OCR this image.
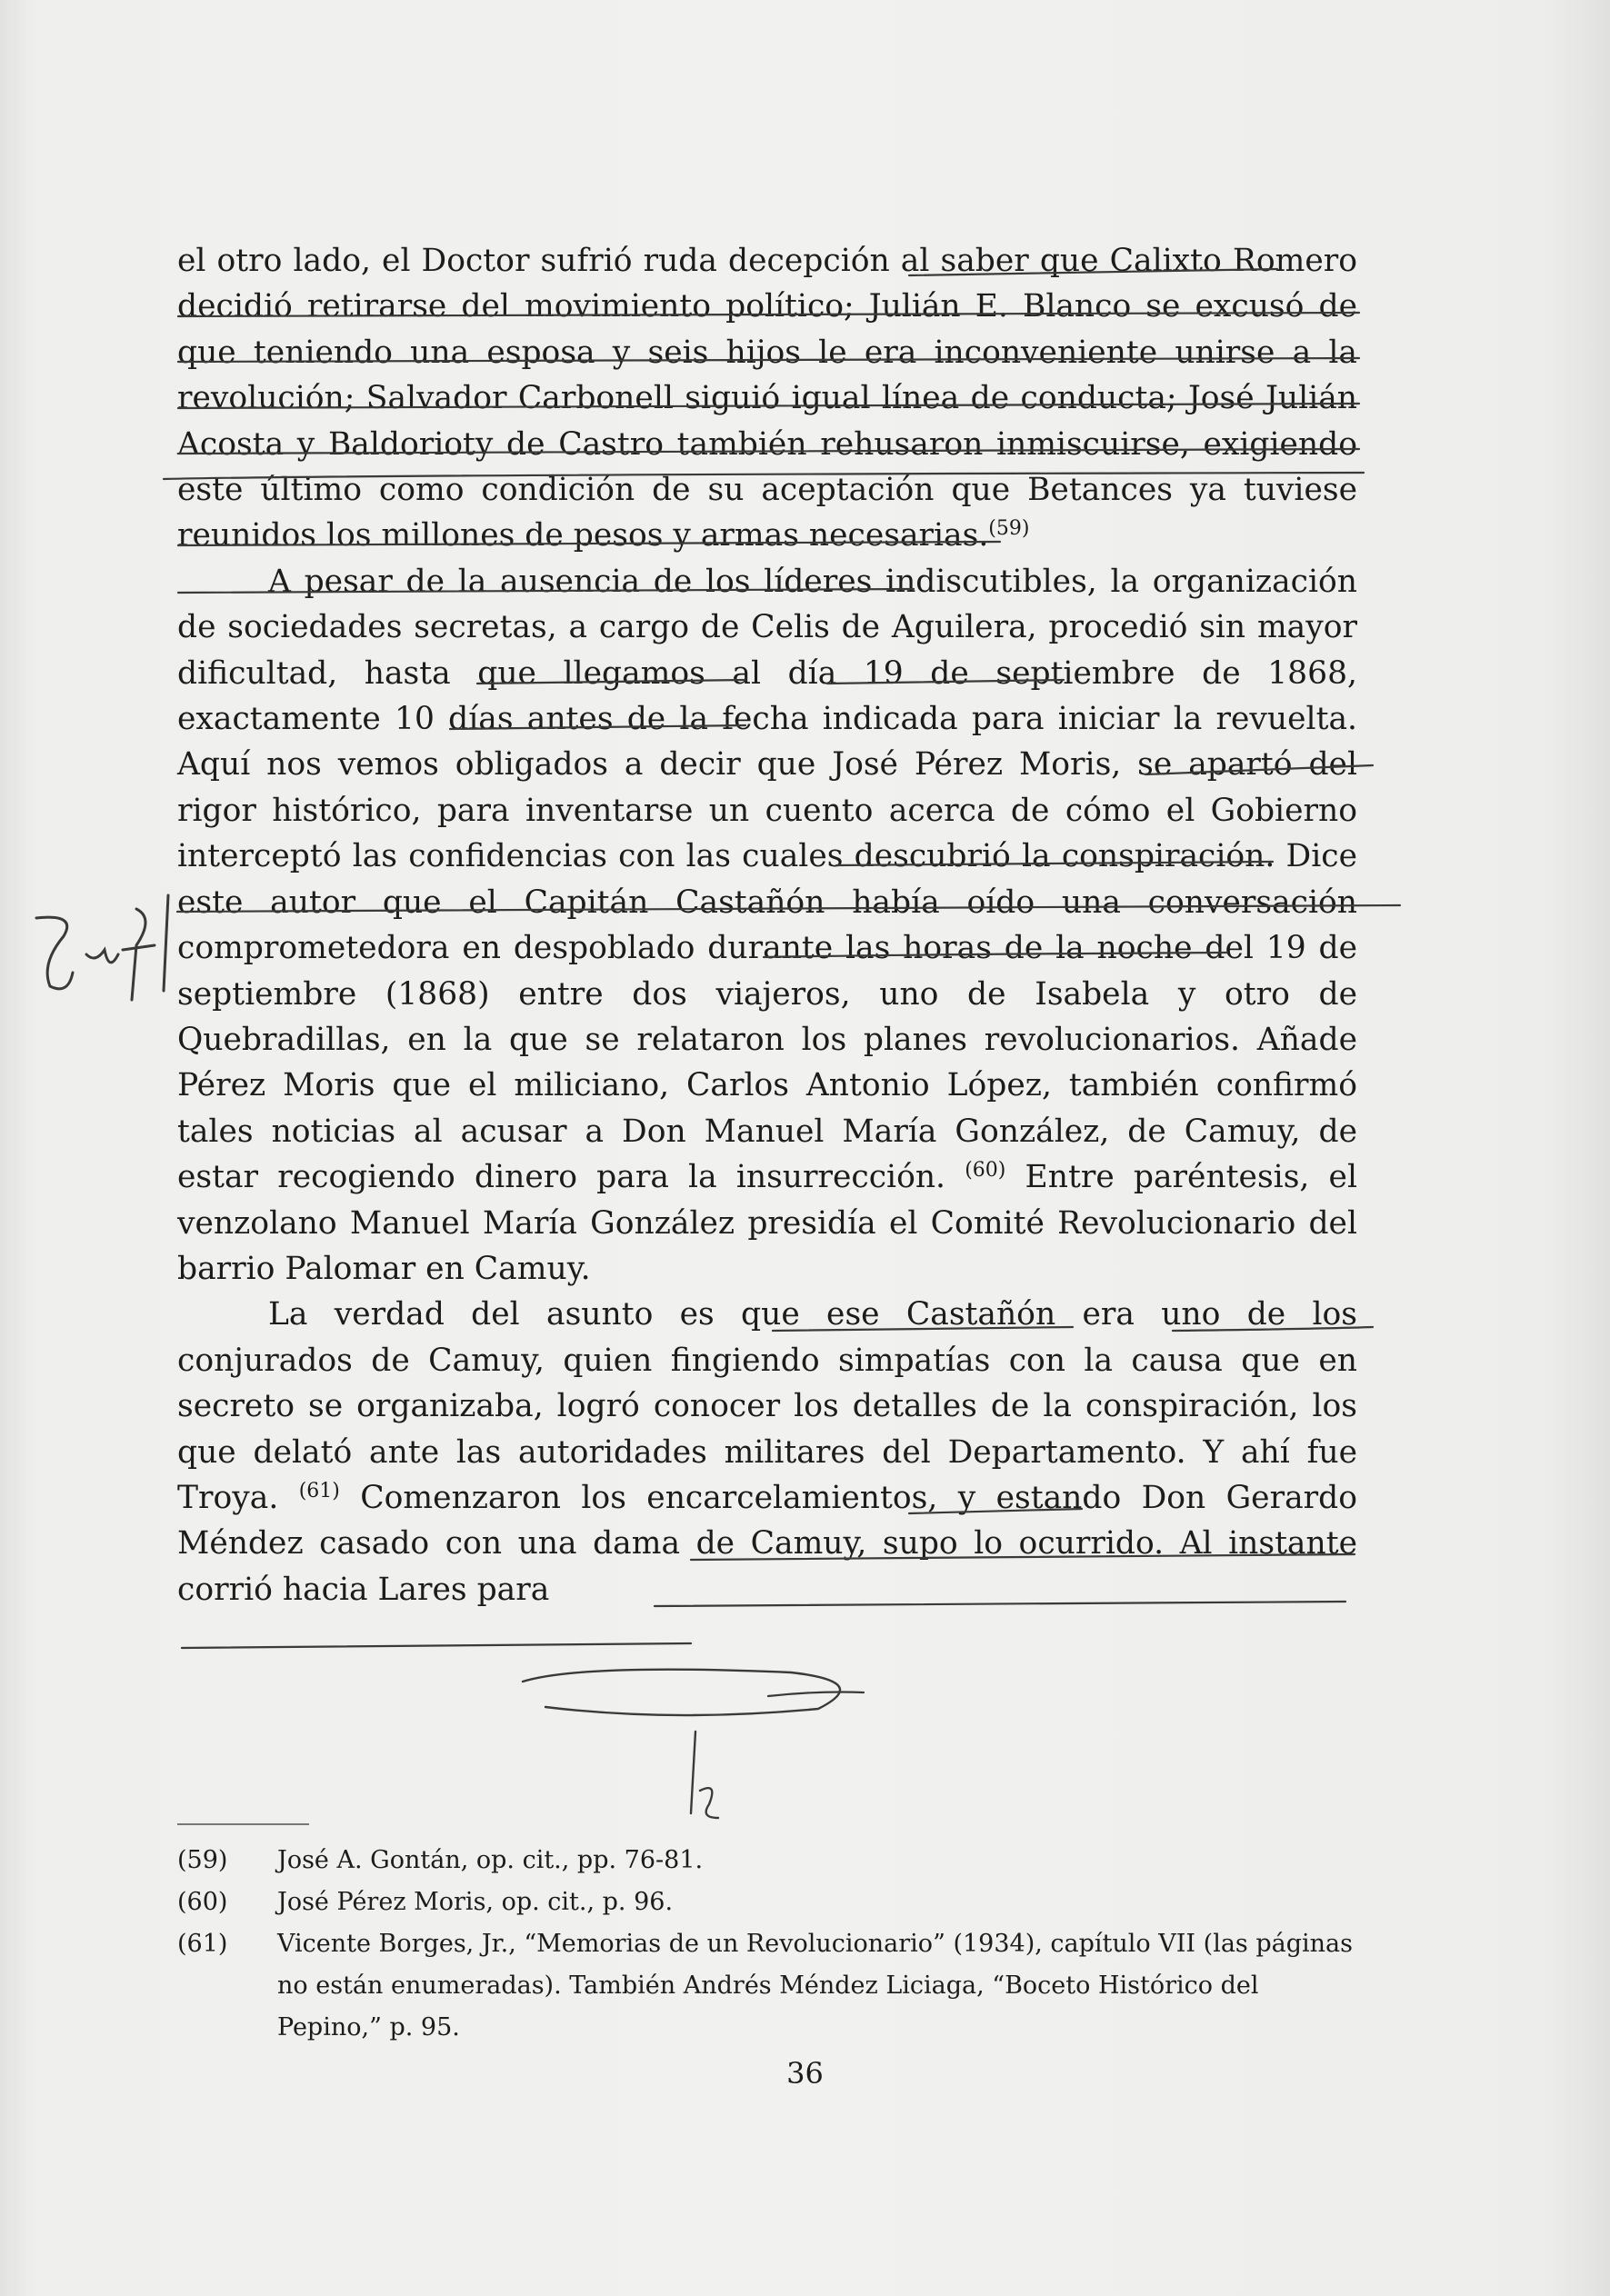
el otro lado, el Doctor sufrió ruda decepción al saber que Calixto Romero decidió retirarse del movimiento político; Julián E. Blanco se excusó de que teniendo una esposa y seis hijos le era inconveniente unirse a la revolución; Salvador Carbonell siguió igual línea de conducta; José Julián Acosta y Baldorioty de Castro también rehusaron inmiscuirse, exigiendo este último como condición de su aceptación que Betances ya tuviese reunidos los millones de pesos y armas necesarias.$^{(59)}$

A pesar de la ausencia de los líderes indiscutibles, la organización de sociedades secretas, a cargo de Celis de Aguilera, procedió sin mayor dificultad, hasta que llegamos al día 19 de septiembre de 1868, exactamente 10 días antes de la fecha indicada para iniciar la revuelta. Aquí nos vemos obligados a decir que José Pérez Moris, se apartó del rigor histórico, para inventarse un cuento acerca de cómo el Gobierno interceptó las confidencias con las cuales descubrió la conspiración. Dice este autor que el Capitán Castañón había oído una conversación comprometedora en despoblado durante las horas de la noche del 19 de septiembre (1868) entre dos viajeros, uno de Isabela y otro de Quebradillas, en la que se relataron los planes revolucionarios. Añade Pérez Moris que el miliciano, Carlos Antonio López, también confirmó tales noticias al acusar a Don Manuel María González, de Camuy, de estar recogiendo dinero para la insurrección. $^{(60)}$ Entre paréntesis, el venzolano Manuel María González presidía el Comité Revolucionario del barrio Palomar en Camuy.

La verdad del asunto es que ese Castañón era uno de los conjurados de Camuy, quien fingiendo simpatías con la causa que en secreto se organizaba, logró conocer los detalles de la conspiración, los que delató ante las autoridades militares del Departamento. Y ahí fue Troya. $^{(61)}$ Comenzaron los encarcelamientos, y estando Don Gerardo Méndez casado con una dama de Camuy, supo lo ocurrido. Al instante corrió hacia Lares para

(59)	José A. Gontán, op. cit., pp. 76-81.
(60)	José Pérez Moris, op. cit., p. 96.
(61)	Vicente Borges, Jr., “Memorias de un Revolucionario” (1934), capítulo VII (las páginas no están enumeradas). También Andrés Méndez Liciaga, “Boceto Histórico del Pepino,” p. 95.
36
